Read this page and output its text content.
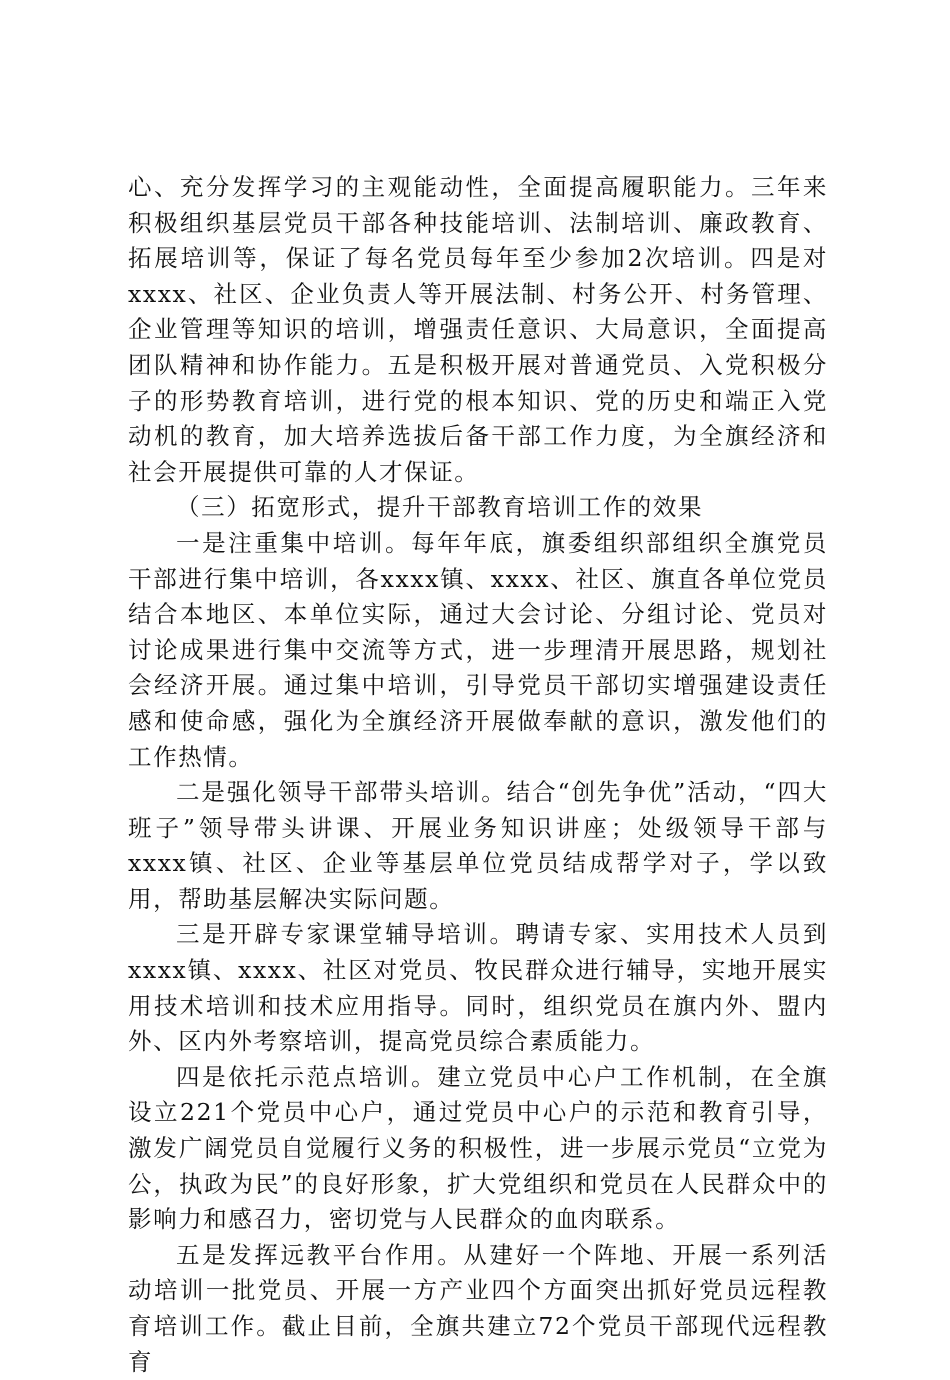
心、充分发挥学习的主观能动性，全面提高履职能力。三年来积极组织基层党员干部各种技能培训、法制培训、廉政教育、拓展培训等，保证了每名党员每年至少参加2次培训。四是对xxxx、社区、企业负责人等开展法制、村务公开、村务管理、企业管理等知识的培训，增强责任意识、大局意识，全面提高团队精神和协作能力。五是积极开展对普通党员、入党积极分子的形势教育培训，进行党的根本知识、党的历史和端正入党动机的教育，加大培养选拔后备干部工作力度，为全旗经济和社会开展提供可靠的人才保证。

（三）拓宽形式，提升干部教育培训工作的效果

一是注重集中培训。每年年底，旗委组织部组织全旗党员干部进行集中培训，各xxxx镇、xxxx、社区、旗直各单位党员结合本地区、本单位实际，通过大会讨论、分组讨论、党员对讨论成果进行集中交流等方式，进一步理清开展思路，规划社会经济开展。通过集中培训，引导党员干部切实增强建设责任感和使命感，强化为全旗经济开展做奉献的意识，激发他们的工作热情。

二是强化领导干部带头培训。结合“创先争优”活动，“四大班子”领导带头讲课、开展业务知识讲座；处级领导干部与xxxx镇、社区、企业等基层单位党员结成帮学对子，学以致用，帮助基层解决实际问题。

三是开辟专家课堂辅导培训。聘请专家、实用技术人员到xxxx镇、xxxx、社区对党员、牧民群众进行辅导，实地开展实用技术培训和技术应用指导。同时，组织党员在旗内外、盟内外、区内外考察培训，提高党员综合素质能力。

四是依托示范点培训。建立党员中心户工作机制，在全旗设立221个党员中心户，通过党员中心户的示范和教育引导，激发广阔党员自觉履行义务的积极性，进一步展示党员“立党为公，执政为民”的良好形象，扩大党组织和党员在人民群众中的影响力和感召力，密切党与人民群众的血肉联系。

五是发挥远教平台作用。从建好一个阵地、开展一系列活动培训一批党员、开展一方产业四个方面突出抓好党员远程教育培训工作。截止目前，全旗共建立72个党员干部现代远程教育
